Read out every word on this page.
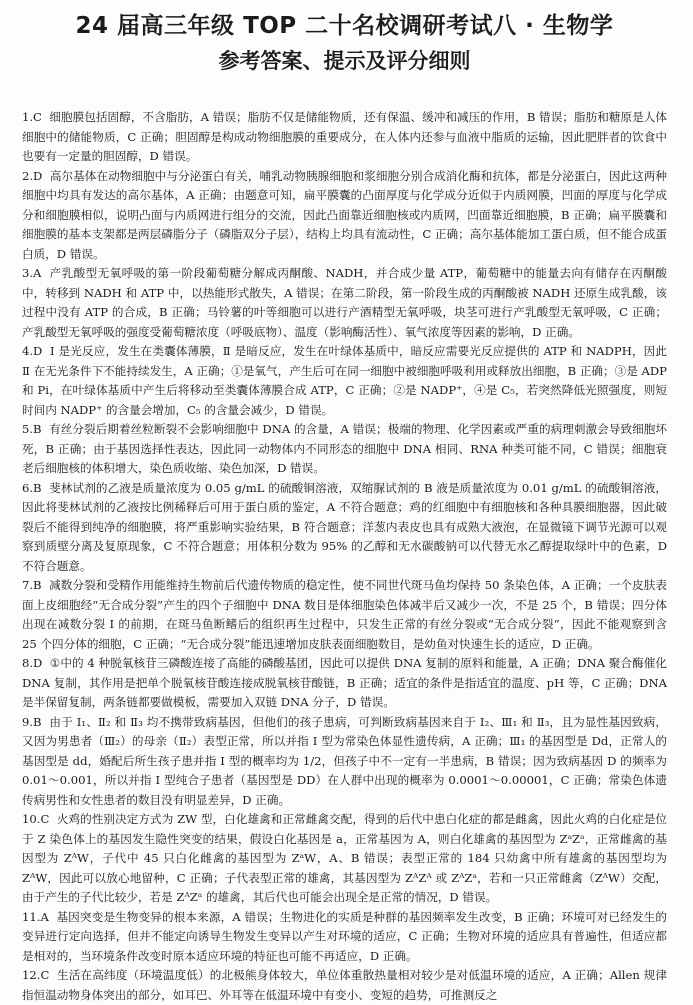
24 届高三年级 TOP 二十名校调研考试八 · 生物学
参考答案、提示及评分细则

1.C 细胞膜包括固醇，不含脂肪，A 错误；脂肪不仅是储能物质，还有保温、缓冲和减压的作用，B 错误；脂肪和糖原是人体细胞中的储能物质，C 正确；胆固醇是构成动物细胞膜的重要成分，在人体内还参与血液中脂质的运输，因此肥胖者的饮食中也要有一定量的胆固醇，D 错误。

2.D 高尔基体在动物细胞中与分泌蛋白有关，哺乳动物胰腺细胞和浆细胞分别合成消化酶和抗体，都是分泌蛋白，因此这两种细胞中均具有发达的高尔基体，A 正确；由题意可知，扁平膜囊的凸面厚度与化学成分近似于内质网膜，凹面的厚度与化学成分和细胞膜相似，说明凸面与内质网进行组分的交流，因此凸面靠近细胞核或内质网，凹面靠近细胞膜，B 正确；扁平膜囊和细胞膜的基本支架都是两层磷脂分子（磷脂双分子层），结构上均具有流动性，C 正确；高尔基体能加工蛋白质，但不能合成蛋白质，D 错误。

3.A 产乳酸型无氧呼吸的第一阶段葡萄糖分解成丙酮酸、NADH，并合成少量 ATP，葡萄糖中的能量去向有储存在丙酮酸中，转移到 NADH 和 ATP 中，以热能形式散失，A 错误；在第二阶段，第一阶段生成的丙酮酸被 NADH 还原生成乳酸，该过程中没有 ATP 的合成，B 正确；马铃薯的叶等细胞可以进行产酒精型无氧呼吸，块茎可进行产乳酸型无氧呼吸，C 正确；产乳酸型无氧呼吸的强度受葡萄糖浓度（呼吸底物）、温度（影响酶活性）、氧气浓度等因素的影响，D 正确。

4.D Ⅰ 是光反应，发生在类囊体薄膜，Ⅱ 是暗反应，发生在叶绿体基质中，暗反应需要光反应提供的 ATP 和 NADPH，因此 Ⅱ 在无光条件下不能持续发生，A 正确；①是氧气，产生后可在同一细胞中被细胞呼吸利用或释放出细胞，B 正确；③是 ADP 和 Pi，在叶绿体基质中产生后将移动至类囊体薄膜合成 ATP，C 正确；②是 NADP⁺，④是 C₅，若突然降低光照强度，则短时间内 NADP⁺ 的含量会增加，C₅ 的含量会减少，D 错误。

5.B 有丝分裂后期着丝粒断裂不会影响细胞中 DNA 的含量，A 错误；极端的物理、化学因素或严重的病理刺激会导致细胞坏死，B 正确；由于基因选择性表达，因此同一动物体内不同形态的细胞中 DNA 相同、RNA 种类可能不同，C 错误；细胞衰老后细胞核的体积增大，染色质收缩、染色加深，D 错误。

6.B 斐林试剂的乙液是质量浓度为 0.05 g/mL 的硫酸铜溶液，双缩脲试剂的 B 液是质量浓度为 0.01 g/mL 的硫酸铜溶液，因此将斐林试剂的乙液按比例稀释后可用于蛋白质的鉴定，A 不符合题意；鸡的红细胞中有细胞核和各种具膜细胞器，因此破裂后不能得到纯净的细胞膜，将严重影响实验结果，B 符合题意；洋葱内表皮也具有成熟大液泡，在显微镜下调节光源可以观察到质壁分离及复原现象，C 不符合题意；用体积分数为 95% 的乙醇和无水碳酸钠可以代替无水乙醇提取绿叶中的色素，D 不符合题意。

7.B 减数分裂和受精作用能维持生物前后代遗传物质的稳定性，使不同世代斑马鱼均保持 50 条染色体，A 正确；一个皮肤表面上皮细胞经“无合成分裂”产生的四个子细胞中 DNA 数目是体细胞染色体减半后又减少一次，不是 25 个，B 错误；四分体出现在减数分裂 Ⅰ 的前期，在斑马鱼断鳍后的组织再生过程中，只发生正常的有丝分裂或“无合成分裂”，因此不能观察到含 25 个四分体的细胞，C 正确；“无合成分裂”能迅速增加皮肤表面细胞数目，是幼鱼对快速生长的适应，D 正确。

8.D ①中的 4 种脱氧核苷三磷酸连接了高能的磷酸基团，因此可以提供 DNA 复制的原料和能量，A 正确；DNA 聚合酶催化 DNA 复制，其作用是把单个脱氧核苷酸连接成脱氧核苷酸链，B 正确；适宜的条件是指适宜的温度、pH 等，C 正确；DNA 是半保留复制，两条链都要做模板，需要加入双链 DNA 分子，D 错误。

9.B 由于 Ⅰ₁、Ⅱ₂ 和 Ⅱ₃ 均不携带致病基因，但他们的孩子患病，可判断致病基因来自于 Ⅰ₂、Ⅲ₁ 和 Ⅱ₃，且为显性基因致病，又因为男患者（Ⅲ₂）的母亲（Ⅱ₂）表型正常，所以并指 Ⅰ 型为常染色体显性遗传病，A 正确；Ⅲ₁ 的基因型是 Dd，正常人的基因型是 dd，婚配后所生孩子患并指 Ⅰ 型的概率均为 1/2，但孩子中不一定有一半患病，B 错误；因为致病基因 D 的频率为 0.01～0.001，所以并指 Ⅰ 型纯合子患者（基因型是 DD）在人群中出现的概率为 0.0001～0.00001，C 正确；常染色体遗传病男性和女性患者的数目没有明显差异，D 正确。

10.C 火鸡的性别决定方式为 ZW 型，白化雄禽和正常雌禽交配，得到的后代中患白化症的都是雌禽，因此火鸡的白化症是位于 Z 染色体上的基因发生隐性突变的结果，假设白化基因是 a，正常基因为 A，则白化雄禽的基因型为 ZᵃZᵃ，正常雌禽的基因型为 ZᴬW，子代中 45 只白化雌禽的基因型为 ZᵃW，A、B 错误；表型正常的 184 只幼禽中所有雄禽的基因型均为 ZᴬW，因此可以放心地留种，C 正确；子代表型正常的雄禽，其基因型为 ZᴬZᴬ 或 ZᴬZᵃ，若和一只正常雌禽（ZᴬW）交配，由于产生的子代比较少，若是 ZᴬZᵃ 的雄禽，其后代也可能会出现全是正常的情况，D 错误。

11.A 基因突变是生物变异的根本来源，A 错误；生物进化的实质是种群的基因频率发生改变，B 正确；环境可对已经发生的变异进行定向选择，但并不能定向诱导生物发生变异以产生对环境的适应，C 正确；生物对环境的适应具有普遍性，但适应都是相对的，当环境条件改变时原本适应环境的特征也可能不再适应，D 正确。

12.C 生活在高纬度（环境温度低）的北极熊身体较大，单位体重散热量相对较少是对低温环境的适应，A 正确；Allen 规律指恒温动物身体突出的部分，如耳巴、外耳等在低温环境中有变小、变短的趋势，可推测反之
